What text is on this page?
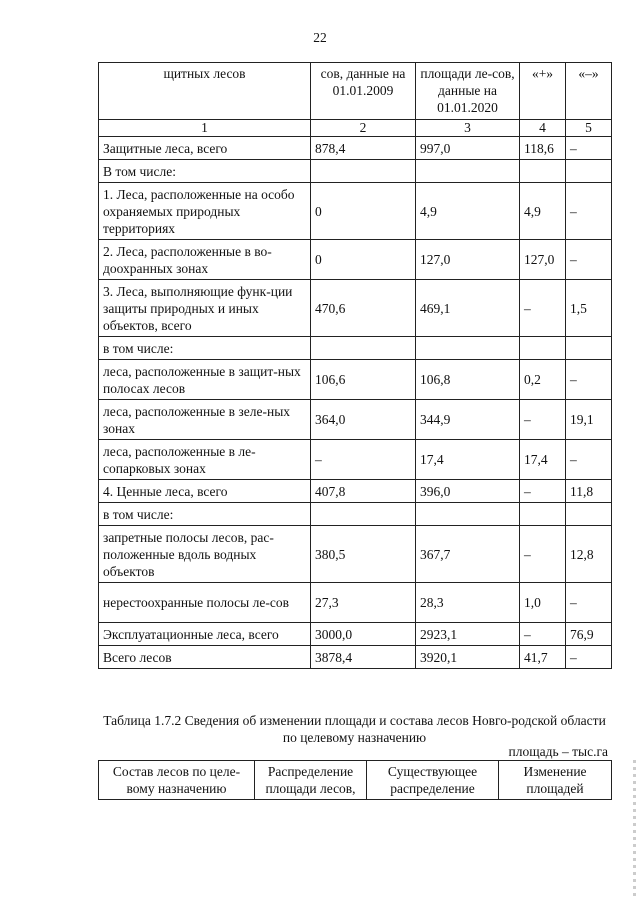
22
щитных лесов	сов, данные на 01.01.2009	площади ле-сов, данные на 01.01.2020	«+»	«–»
1	2	3	4	5
Защитные леса, всего	878,4	997,0	118,6	–
В том числе:				
1. Леса, расположенные на особо охраняемых природных территориях	0	4,9	4,9	–
2. Леса, расположенные в во-доохранных зонах	0	127,0	127,0	–
3. Леса, выполняющие функ-ции защиты природных и иных объектов, всего	470,6	469,1	–	1,5
в том числе:				
леса, расположенные в защит-ных полосах лесов	106,6	106,8	0,2	–
леса, расположенные в зеле-ных зонах	364,0	344,9	–	19,1
леса, расположенные в ле-сопарковых зонах	–	17,4	17,4	–
4. Ценные леса, всего	407,8	396,0	–	11,8
в том числе:				
запретные полосы лесов, рас-положенные вдоль водных объектов	380,5	367,7	–	12,8
нерестоохранные полосы ле-сов	27,3	28,3	1,0	–
Эксплуатационные леса, всего	3000,0	2923,1	–	76,9
Всего лесов	3878,4	3920,1	41,7	–
Таблица 1.7.2 Сведения об изменении площади и состава лесов Новго-родской области по целевому назначению
площадь – тыс.га
Состав лесов по целе-вому назначению	Распределение площади лесов,	Существующее распределение	Изменение площадей
